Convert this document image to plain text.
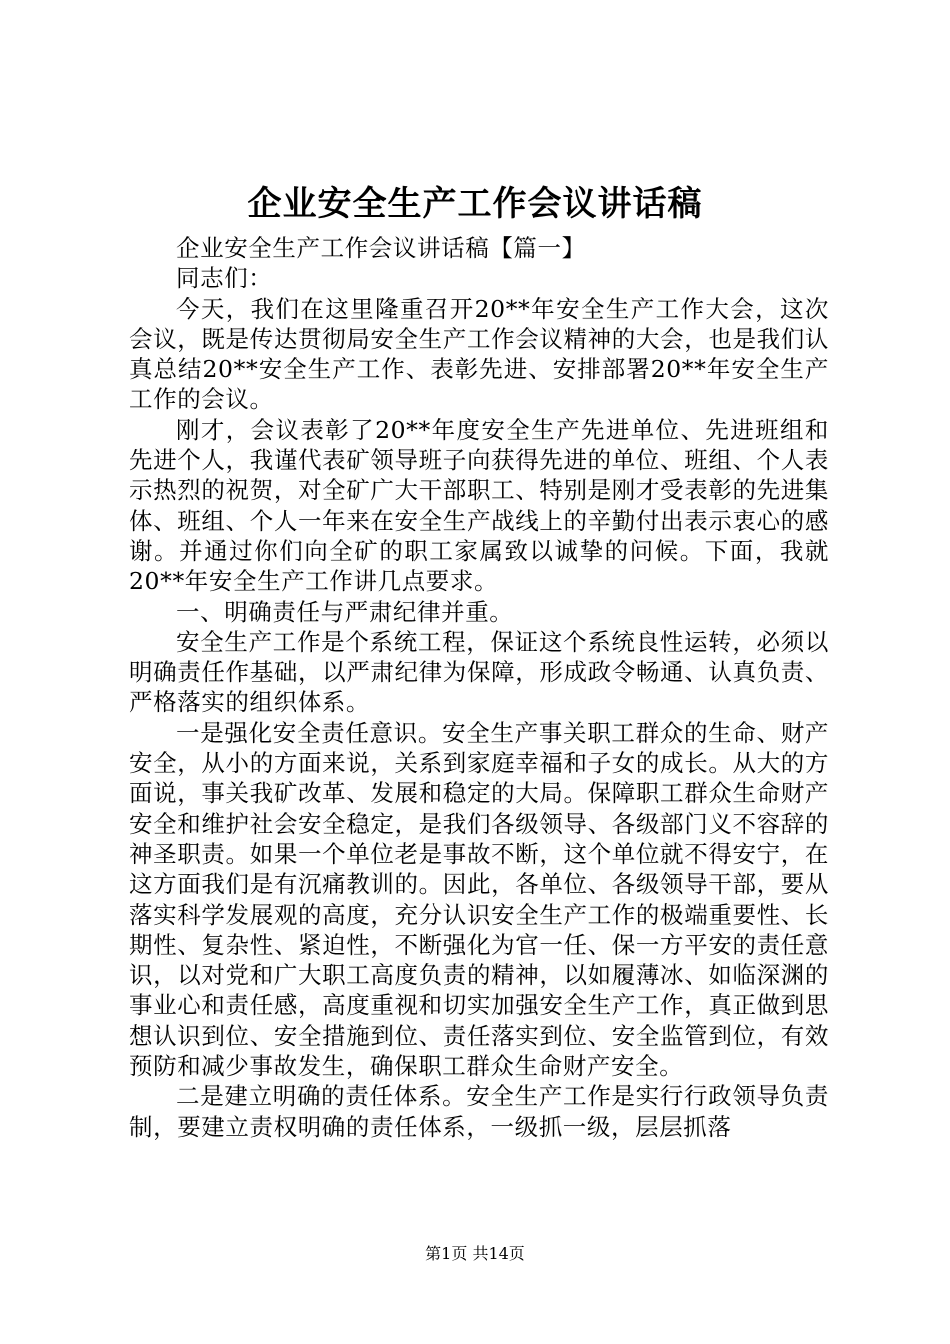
企业安全生产工作会议讲话稿

企业安全生产工作会议讲话稿【篇一】

同志们：

今天，我们在这里隆重召开20**年安全生产工作大会，这次会议，既是传达贯彻局安全生产工作会议精神的大会，也是我们认真总结20**安全生产工作、表彰先进、安排部署20**年安全生产工作的会议。

刚才，会议表彰了20**年度安全生产先进单位、先进班组和先进个人，我谨代表矿领导班子向获得先进的单位、班组、个人表示热烈的祝贺，对全矿广大干部职工、特别是刚才受表彰的先进集体、班组、个人一年来在安全生产战线上的辛勤付出表示衷心的感谢。并通过你们向全矿的职工家属致以诚挚的问候。下面，我就20**年安全生产工作讲几点要求。

一、明确责任与严肃纪律并重。

安全生产工作是个系统工程，保证这个系统良性运转，必须以明确责任作基础，以严肃纪律为保障，形成政令畅通、认真负责、严格落实的组织体系。

一是强化安全责任意识。安全生产事关职工群众的生命、财产安全，从小的方面来说，关系到家庭幸福和子女的成长。从大的方面说，事关我矿改革、发展和稳定的大局。保障职工群众生命财产安全和维护社会安全稳定，是我们各级领导、各级部门义不容辞的神圣职责。如果一个单位老是事故不断，这个单位就不得安宁，在这方面我们是有沉痛教训的。因此，各单位、各级领导干部，要从落实科学发展观的高度，充分认识安全生产工作的极端重要性、长期性、复杂性、紧迫性，不断强化为官一任、保一方平安的责任意识，以对党和广大职工高度负责的精神，以如履薄冰、如临深渊的事业心和责任感，高度重视和切实加强安全生产工作，真正做到思想认识到位、安全措施到位、责任落实到位、安全监管到位，有效预防和减少事故发生，确保职工群众生命财产安全。

二是建立明确的责任体系。安全生产工作是实行行政领导负责制，要建立责权明确的责任体系，一级抓一级，层层抓落

第1页 共14页
